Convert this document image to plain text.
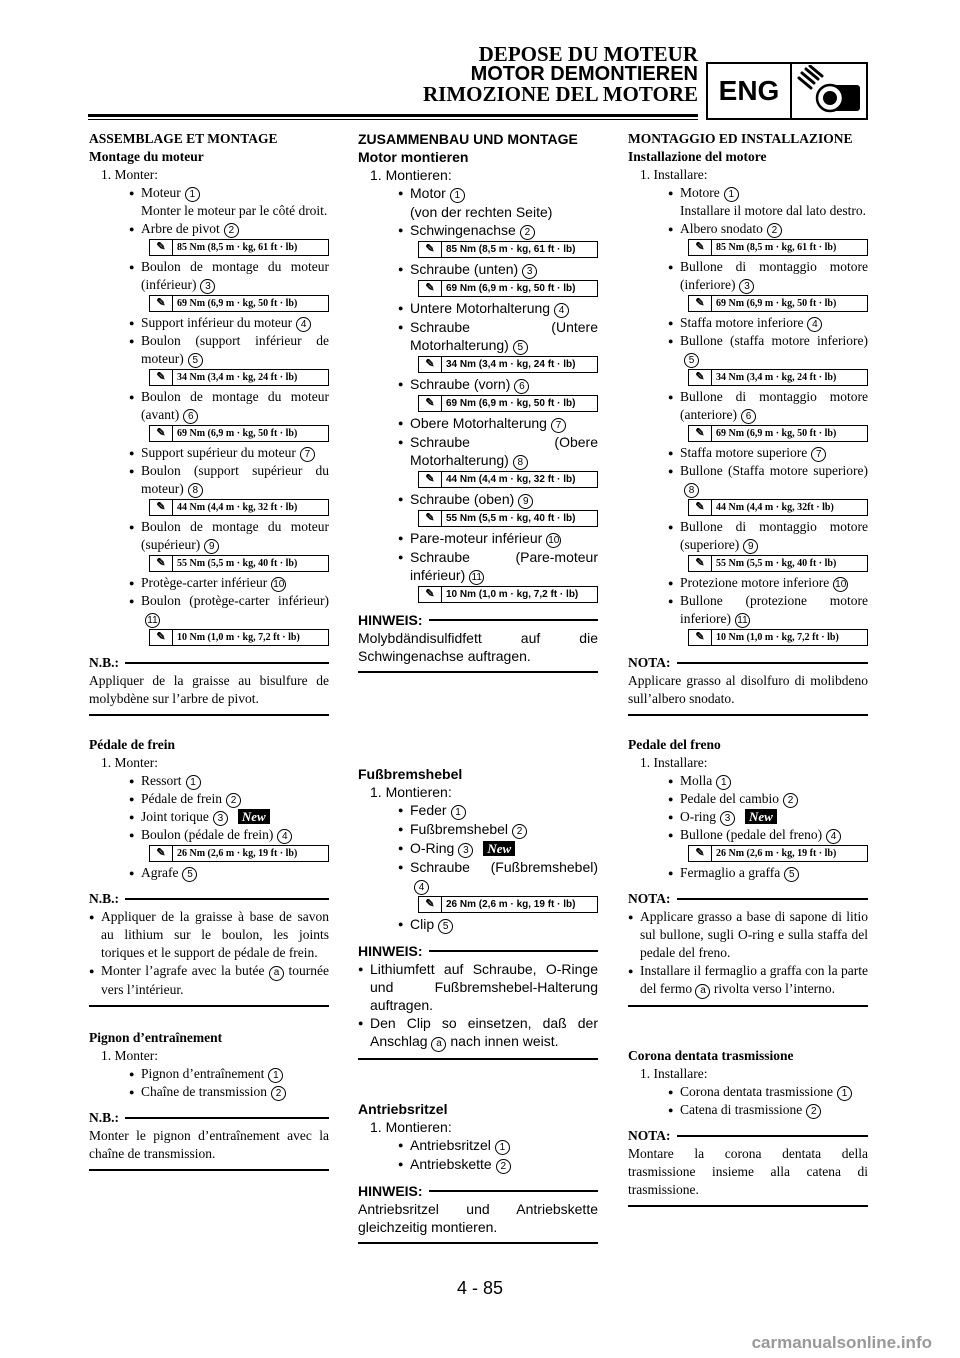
DEPOSE DU MOTEUR
MOTOR DEMONTIEREN
RIMOZIONE DEL MOTORE ENG
ASSEMBLAGE ET MONTAGE
Montage du moteur
1. Monter:
● Moteur 1
Monter le moteur par le côté droit.
● Arbre de pivot 2
✎	85 Nm (8,5 m · kg, 61 ft · lb)
● Boulon de montage du moteur (inférieur) 3
✎	69 Nm (6,9 m · kg, 50 ft · lb)
● Support inférieur du moteur 4
● Boulon (support inférieur de moteur) 5
✎	34 Nm (3,4 m · kg, 24 ft · lb)
● Boulon de montage du moteur (avant) 6
✎	69 Nm (6,9 m · kg, 50 ft · lb)
● Support supérieur du moteur 7
● Boulon (support supérieur du moteur) 8
✎	44 Nm (4,4 m · kg, 32 ft · lb)
● Boulon de montage du moteur (supérieur) 9
✎	55 Nm (5,5 m · kg, 40 ft · lb)
● Protège-carter inférieur 10
● Boulon (protège-carter inférieur)11
✎	10 Nm (1,0 m · kg, 7,2 ft · lb)
N.B.:
Appliquer de la graisse au bisulfure de molybdène sur l’arbre de pivot.
Pédale de frein
1. Monter:
● Ressort 1
● Pédale de frein 2
● Joint torique 3 New
● Boulon (pédale de frein) 4
✎	26 Nm (2,6 m · kg, 19 ft · lb)
● Agrafe 5
N.B.:
● Appliquer de la graisse à base de savon au lithium sur le boulon, les joints toriques et le support de pédale de frein.
● Monter l’agrafe avec la butée a tournée vers l’intérieur.
Pignon d’entraînement
1. Monter:
● Pignon d’entraînement 1
● Chaîne de transmission 2
N.B.:
Monter le pignon d’entraînement avec la chaîne de transmission.
ZUSAMMENBAU UND MONTAGE
Motor montieren
1. Montieren:
● Motor 1
(von der rechten Seite)
● Schwingenachse 2
✎	85 Nm (8,5 m · kg, 61 ft · lb)
● Schraube (unten) 3
✎	69 Nm (6,9 m · kg, 50 ft · lb)
● Untere Motorhalterung 4
● Schraube (Untere Motorhalterung) 5
✎	34 Nm (3,4 m · kg, 24 ft · lb)
● Schraube (vorn) 6
✎	69 Nm (6,9 m · kg, 50 ft · lb)
● Obere Motorhalterung 7
● Schraube (Obere Motorhalterung) 8
✎	44 Nm (4,4 m · kg, 32 ft · lb)
● Schraube (oben) 9
✎	55 Nm (5,5 m · kg, 40 ft · lb)
● Pare-moteur inférieur 10
● Schraube (Pare-moteur inférieur) 11
✎	10 Nm (1,0 m · kg, 7,2 ft · lb)
HINWEIS:
Molybdändisulfidfett auf die Schwingenachse auftragen.
Fußbremshebel
1. Montieren:
● Feder 1
● Fußbremshebel 2
● O-Ring 3 New
● Schraube (Fußbremshebel)4
✎	26 Nm (2,6 m · kg, 19 ft · lb)
● Clip 5
HINWEIS:
● Lithiumfett auf Schraube, O-Ringe und Fußbremshebel-Halterung auftragen.
● Den Clip so einsetzen, daß der Anschlag a nach innen weist.
Antriebsritzel
1. Montieren:
● Antriebsritzel 1
● Antriebskette 2
HINWEIS:
Antriebsritzel und Antriebskette gleichzeitig montieren.
MONTAGGIO ED INSTALLAZIONE
Installazione del motore
1. Installare:
● Motore 1
Installare il motore dal lato destro.
● Albero snodato 2
✎	85 Nm (8,5 m · kg, 61 ft · lb)
● Bullone di montaggio motore (inferiore) 3
✎	69 Nm (6,9 m · kg, 50 ft · lb)
● Staffa motore inferiore 4
● Bullone (staffa motore inferiore)5
✎	34 Nm (3,4 m · kg, 24 ft · lb)
● Bullone di montaggio motore (anteriore) 6
✎	69 Nm (6,9 m · kg, 50 ft · lb)
● Staffa motore superiore 7
● Bullone (Staffa motore superiore)8
✎	44 Nm (4,4 m · kg, 32ft · lb)
● Bullone di montaggio motore (superiore) 9
✎	55 Nm (5,5 m · kg, 40 ft · lb)
● Protezione motore inferiore 10
● Bullone (protezione motore inferiore) 11
✎	10 Nm (1,0 m · kg, 7,2 ft · lb)
NOTA:
Applicare grasso al disolfuro di molibdeno sull’albero snodato.
Pedale del freno
1. Installare:
● Molla 1
● Pedale del cambio 2
● O-ring 3 New
● Bullone (pedale del freno) 4
✎	26 Nm (2,6 m · kg, 19 ft · lb)
● Fermaglio a graffa 5
NOTA:
● Applicare grasso a base di sapone di litio sul bullone, sugli O-ring e sulla staffa del pedale del freno.
● Installare il fermaglio a graffa con la parte del fermo a rivolta verso l’interno.
Corona dentata trasmissione
1. Installare:
● Corona dentata trasmissione 1
● Catena di trasmissione 2
NOTA:
Montare la corona dentata della trasmissione insieme alla catena di trasmissione.
4 - 85
carmanualsonline.info
